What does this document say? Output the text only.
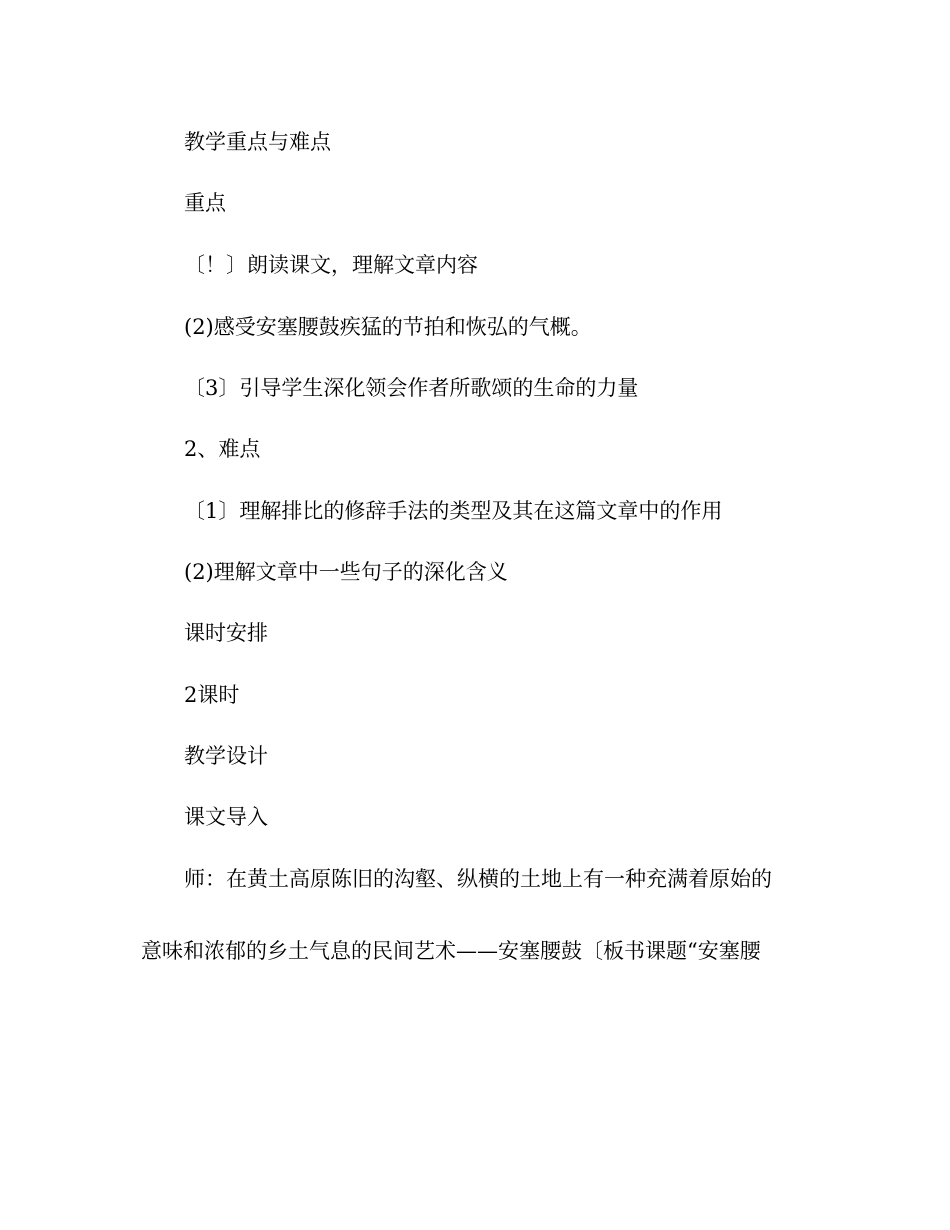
教学重点与难点
重点
〔！〕朗读课文，理解文章内容
(2)感受安塞腰鼓疾猛的节拍和恢弘的气概。
〔3〕引导学生深化领会作者所歌颂的生命的力量
2、难点
〔1〕理解排比的修辞手法的类型及其在这篇文章中的作用
(2)理解文章中一些句子的深化含义
课时安排
2课时
教学设计
课文导入
师：在黄土高原陈旧的沟壑、纵横的土地上有一种充满着原始的
意味和浓郁的乡土气息的民间艺术——安塞腰鼓〔板书课题“安塞腰
